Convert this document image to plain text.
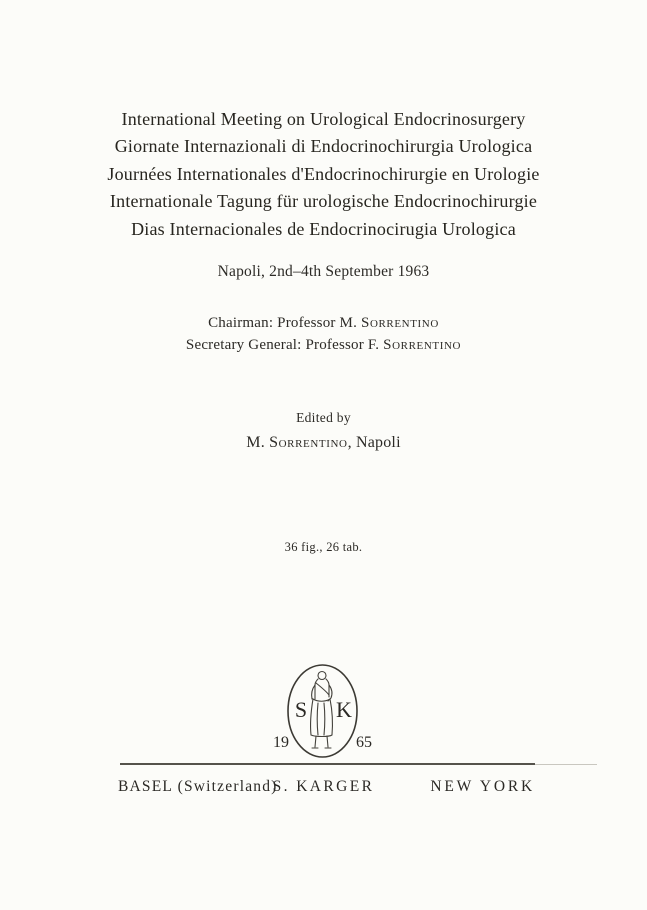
International Meeting on Urological Endocrinosurgery
Giornate Internazionali di Endocrinochirurgia Urologica
Journées Internationales d'Endocrinochirurgie en Urologie
Internationale Tagung für urologische Endocrinochirurgie
Dias Internacionales de Endocrinocirugia Urologica
Napoli, 2nd–4th September 1963
Chairman: Professor M. Sorrentino
Secretary General: Professor F. Sorrentino
Edited by
M. Sorrentino, Napoli
36 fig., 26 tab.
S K
19	65
BASEL (Switzerland)
S. KARGER	NEW YORK
